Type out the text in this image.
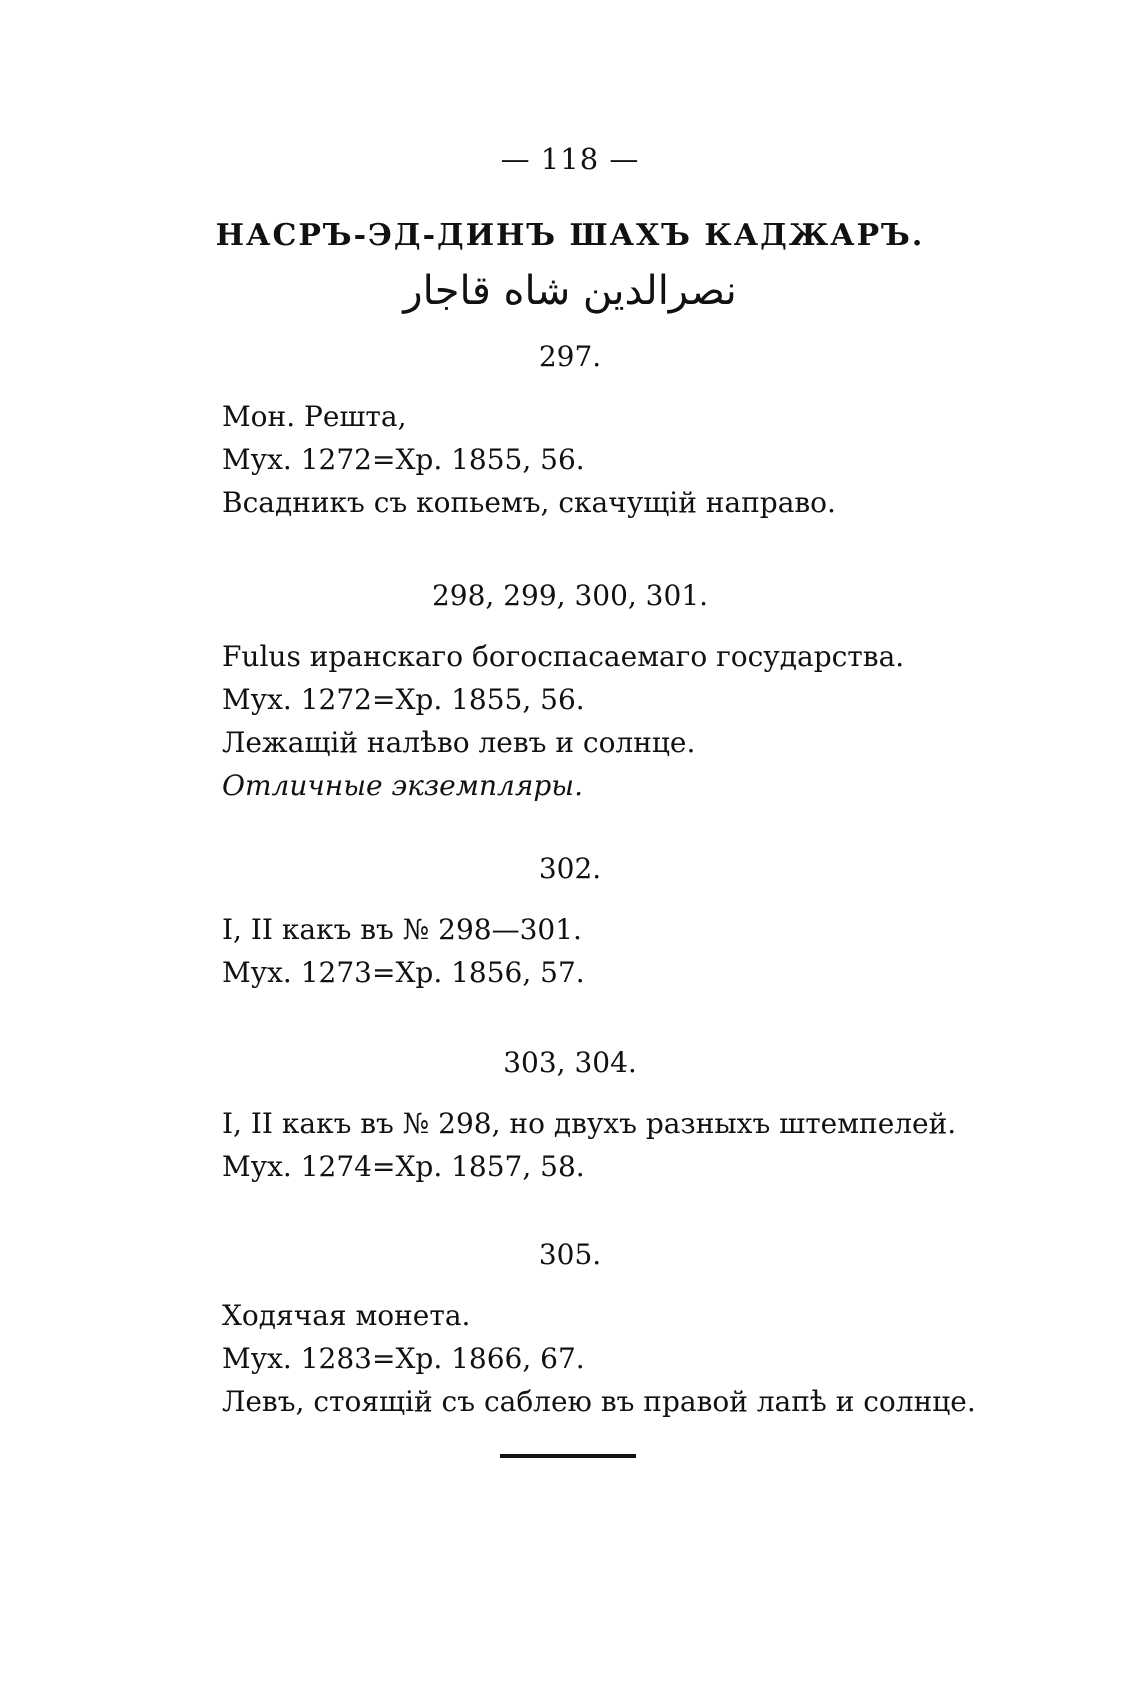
— 118 —
НАСРЪ-ЭД-ДИНЪ ШАХЪ КАДЖАРЪ.
نصرالدين شاه قاجار
297.
Мон. Решта,
Мух. 1272=Хр. 1855, 56.
Всадникъ съ копьемъ, скачущій направо.
298, 299, 300, 301.
Fulus иранскаго богоспасаемаго государства.
Мух. 1272=Хр. 1855, 56.
Лежащій налѣво левъ и солнце.
Отличные экземпляры.
302.
I, II какъ въ № 298—301.
Мух. 1273=Хр. 1856, 57.
303, 304.
I, II какъ въ № 298, но двухъ разныхъ штемпелей.
Мух. 1274=Хр. 1857, 58.
305.
Ходячая монета.
Мух. 1283=Хр. 1866, 67.
Левъ, стоящій съ саблею въ правой лапѣ и солнце.
